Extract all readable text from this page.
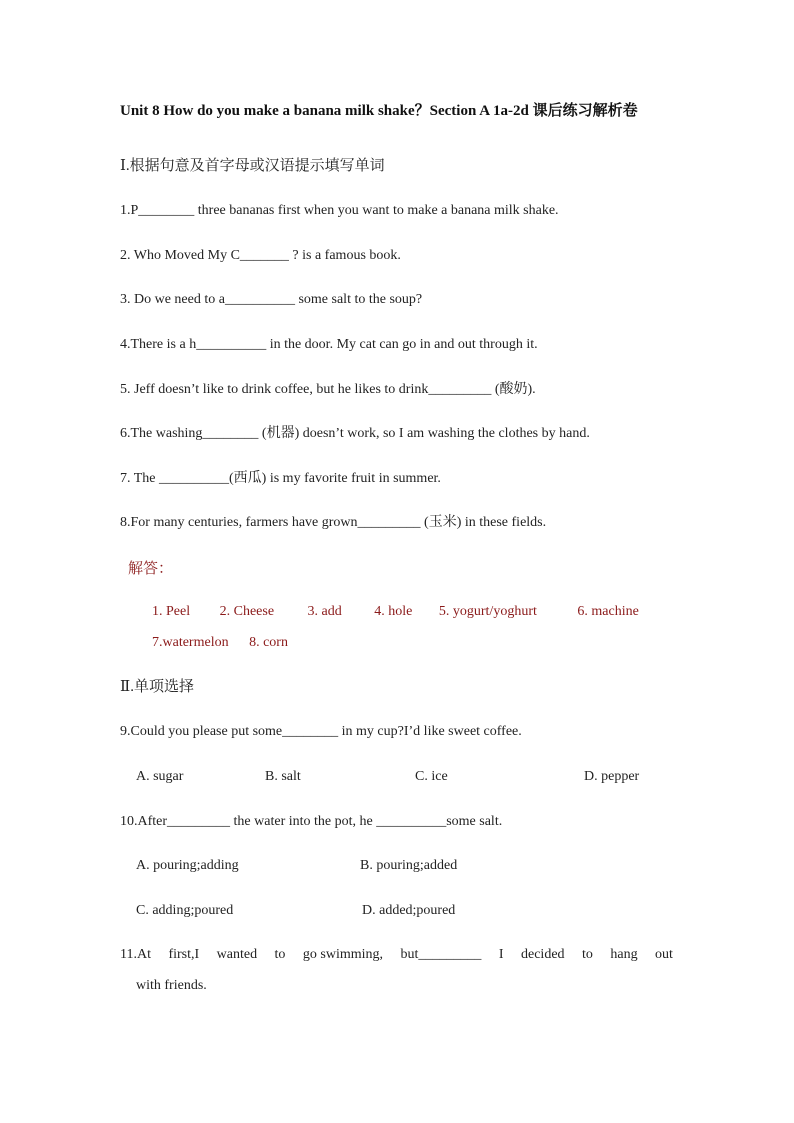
Unit 8 How do you make a banana milk shake？Section A 1a-2d 课后练习解析卷
Ⅰ.根据句意及首字母或汉语提示填写单词
1.P________ three bananas first when you want to make a banana milk shake.
2. Who Moved My C_______ ? is a famous book.
3. Do we need to a__________ some salt to the soup?
4.There is a h__________ in the door. My cat can go in and out through it.
5. Jeff doesn’t like to drink coffee, but he likes to drink_________ (酸奶).
6.The washing________ (机器) doesn’t work, so I am washing the clothes by hand.
7. The __________(西瓜) is my favorite fruit in summer.
8.For many centuries, farmers have grown_________ (玉米) in these fields.
解答：
1. Peel 2. Cheese 3. add 4. hole 5. yogurt/yoghurt	6. machine
7.watermelon 8. corn
Ⅱ.单项选择
9.Could you please put some________ in my cup?I’d like sweet coffee.
A. sugar	B. salt	C. ice	D. pepper
10.After_________ the water into the pot, he __________some salt.
A. pouring;adding	B. pouring;added
C. adding;poured	D. added;poured
11.At first,I wanted to go swimming, but_________ I decided to hang out
with friends.
